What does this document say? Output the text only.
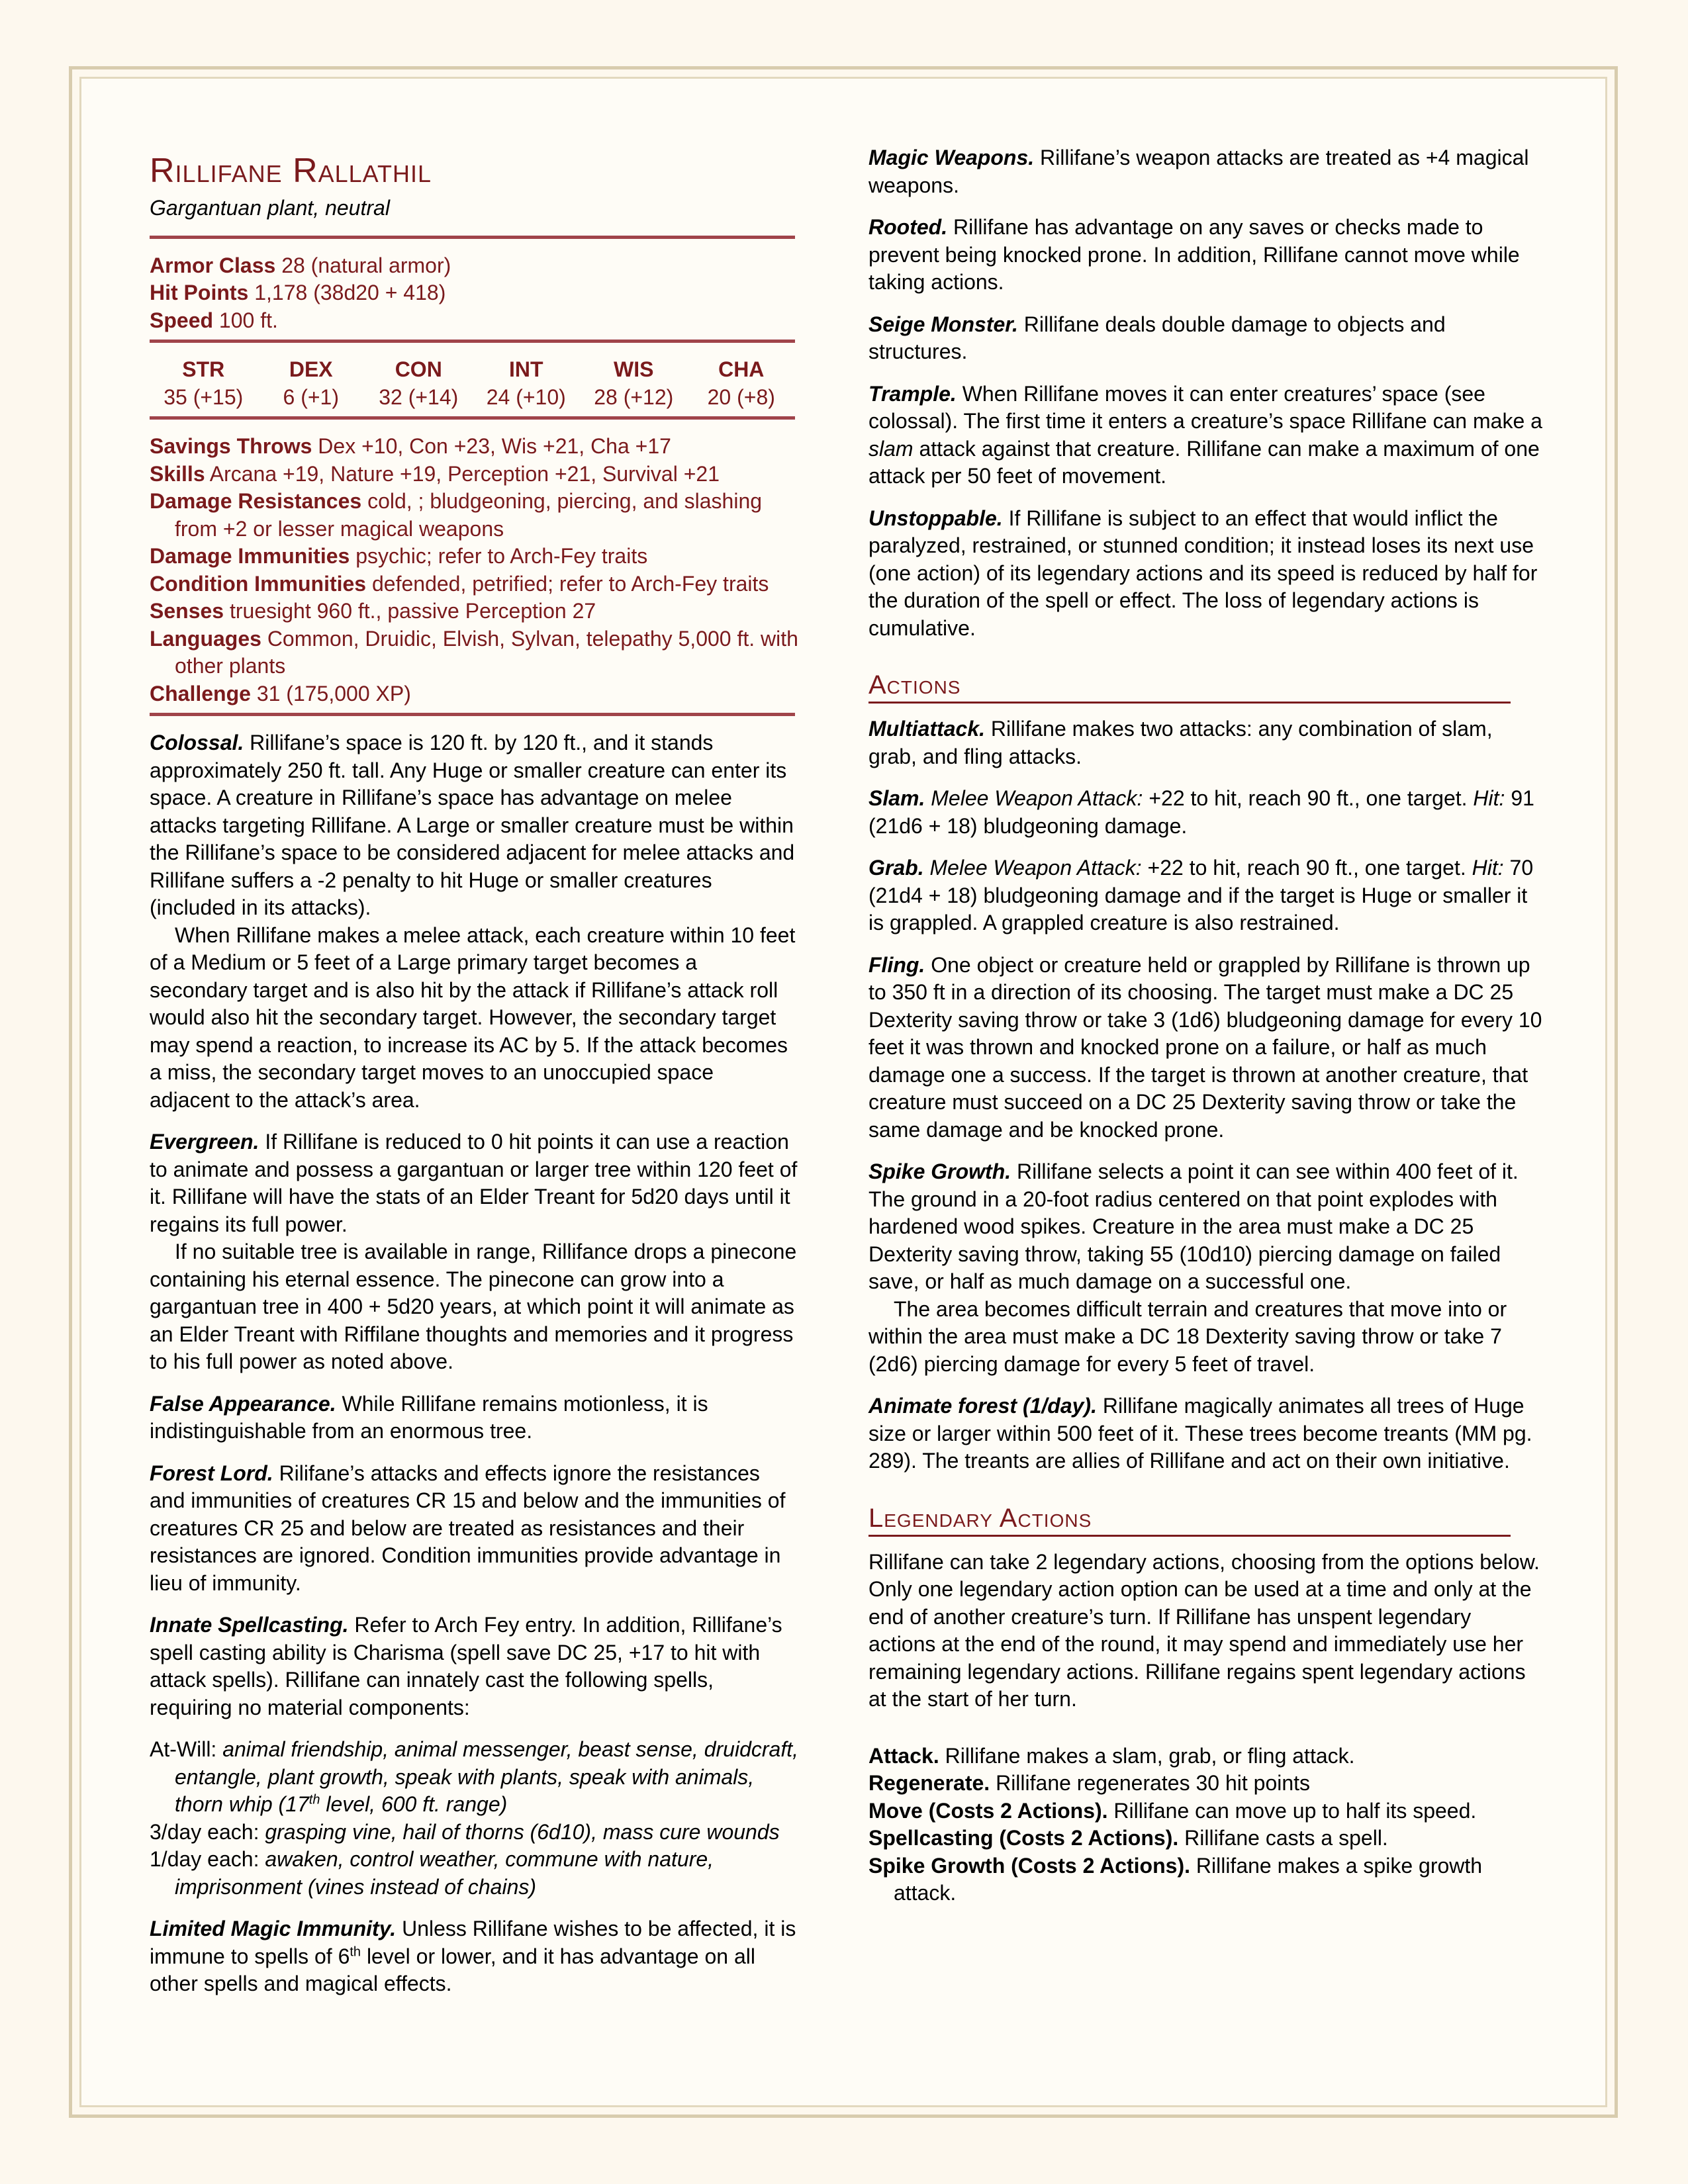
Rillifane Rallathil
Gargantuan plant, neutral

Armor Class 28 (natural armor)

Hit Points 1,178 (38d20 + 418)

Speed 100 ft.

STR	DEX	CON	INT	WIS	CHA
35 (+15)	6 (+1)	32 (+14)	24 (+10)	28 (+12)	20 (+8)

Savings Throws Dex +10, Con +23, Wis +21, Cha +17

Skills Arcana +19, Nature +19, Perception +21, Survival +21

Damage Resistances cold, ; bludgeoning, piercing, and slashing from +2 or lesser magical weapons

Damage Immunities psychic; refer to Arch-Fey traits

Condition Immunities defended, petrified; refer to Arch-Fey traits

Senses truesight 960 ft., passive Perception 27

Languages Common, Druidic, Elvish, Sylvan, telepathy 5,000 ft. with other plants

Challenge 31 (175,000 XP)

Colossal. Rillifane’s space is 120 ft. by 120 ft., and it stands approximately 250 ft. tall. Any Huge or smaller creature can enter its space. A creature in Rillifane’s space has advantage on melee attacks targeting Rillifane. A Large or smaller creature must be within the Rillifane’s space to be considered adjacent for melee attacks and Rillifane suffers a -2 penalty to hit Huge or smaller creatures (included in its attacks).

When Rillifane makes a melee attack, each creature within 10 feet of a Medium or 5 feet of a Large primary target becomes a secondary target and is also hit by the attack if Rillifane’s attack roll would also hit the secondary target. However, the secondary target may spend a reaction, to increase its AC by 5. If the attack becomes a miss, the secondary target moves to an unoccupied space adjacent to the attack’s area.

Evergreen. If Rillifane is reduced to 0 hit points it can use a reaction to animate and possess a gargantuan or larger tree within 120 feet of it. Rillifane will have the stats of an Elder Treant for 5d20 days until it regains its full power.

If no suitable tree is available in range, Rillifance drops a pinecone containing his eternal essence. The pinecone can grow into a gargantuan tree in 400 + 5d20 years, at which point it will animate as an Elder Treant with Riffilane thoughts and memories and it progress to his full power as noted above.

False Appearance. While Rillifane remains motionless, it is indistinguishable from an enormous tree.

Forest Lord. Rilifane’s attacks and effects ignore the resistances and immunities of creatures CR 15 and below and the immunities of creatures CR 25 and below are treated as resistances and their resistances are ignored. Condition immunities provide advantage in lieu of immunity.

Innate Spellcasting. Refer to Arch Fey entry. In addition, Rillifane’s spell casting ability is Charisma (spell save DC 25, +17 to hit with attack spells). Rillifane can innately cast the following spells, requiring no material components:

At-Will: animal friendship, animal messenger, beast sense, druidcraft, entangle, plant growth, speak with plants, speak with animals, thorn whip (17th level, 600 ft. range)

3/day each: grasping vine, hail of thorns (6d10), mass cure wounds

1/day each: awaken, control weather, commune with nature, imprisonment (vines instead of chains)

Limited Magic Immunity. Unless Rillifane wishes to be affected, it is immune to spells of 6th level or lower, and it has advantage on all other spells and magical effects.

Magic Weapons. Rillifane’s weapon attacks are treated as +4 magical weapons.

Rooted. Rillifane has advantage on any saves or checks made to prevent being knocked prone. In addition, Rillifane cannot move while taking actions.

Seige Monster. Rillifane deals double damage to objects and structures.

Trample. When Rillifane moves it can enter creatures’ space (see colossal). The first time it enters a creature’s space Rillifane can make a slam attack against that creature. Rillifane can make a maximum of one attack per 50 feet of movement.

Unstoppable. If Rillifane is subject to an effect that would inflict the paralyzed, restrained, or stunned condition; it instead loses its next use (one action) of its legendary actions and its speed is reduced by half for the duration of the spell or effect. The loss of legendary actions is cumulative.

Actions

Multiattack. Rillifane makes two attacks: any combination of slam, grab, and fling attacks.

Slam. Melee Weapon Attack: +22 to hit, reach 90 ft., one target. Hit: 91 (21d6 + 18) bludgeoning damage.

Grab. Melee Weapon Attack: +22 to hit, reach 90 ft., one target. Hit: 70 (21d4 + 18) bludgeoning damage and if the target is Huge or smaller it is grappled. A grappled creature is also restrained.

Fling. One object or creature held or grappled by Rillifane is thrown up to 350 ft in a direction of its choosing. The target must make a DC 25 Dexterity saving throw or take 3 (1d6) bludgeoning damage for every 10 feet it was thrown and knocked prone on a failure, or half as much damage one a success. If the target is thrown at another creature, that creature must succeed on a DC 25 Dexterity saving throw or take the same damage and be knocked prone.

Spike Growth. Rillifane selects a point it can see within 400 feet of it. The ground in a 20-foot radius centered on that point explodes with hardened wood spikes. Creature in the area must make a DC 25 Dexterity saving throw, taking 55 (10d10) piercing damage on failed save, or half as much damage on a successful one.

The area becomes difficult terrain and creatures that move into or within the area must make a DC 18 Dexterity saving throw or take 7 (2d6) piercing damage for every 5 feet of travel.

Animate forest (1/day). Rillifane magically animates all trees of Huge size or larger within 500 feet of it. These trees become treants (MM pg. 289). The treants are allies of Rillifane and act on their own initiative.

Legendary Actions

Rillifane can take 2 legendary actions, choosing from the options below. Only one legendary action option can be used at a time and only at the end of another creature’s turn. If Rillifane has unspent legendary actions at the end of the round, it may spend and immediately use her remaining legendary actions. Rillifane regains spent legendary actions at the start of her turn.

Attack. Rillifane makes a slam, grab, or fling attack.

Regenerate. Rillifane regenerates 30 hit points

Move (Costs 2 Actions). Rillifane can move up to half its speed.

Spellcasting (Costs 2 Actions). Rillifane casts a spell.

Spike Growth (Costs 2 Actions). Rillifane makes a spike growth attack.
